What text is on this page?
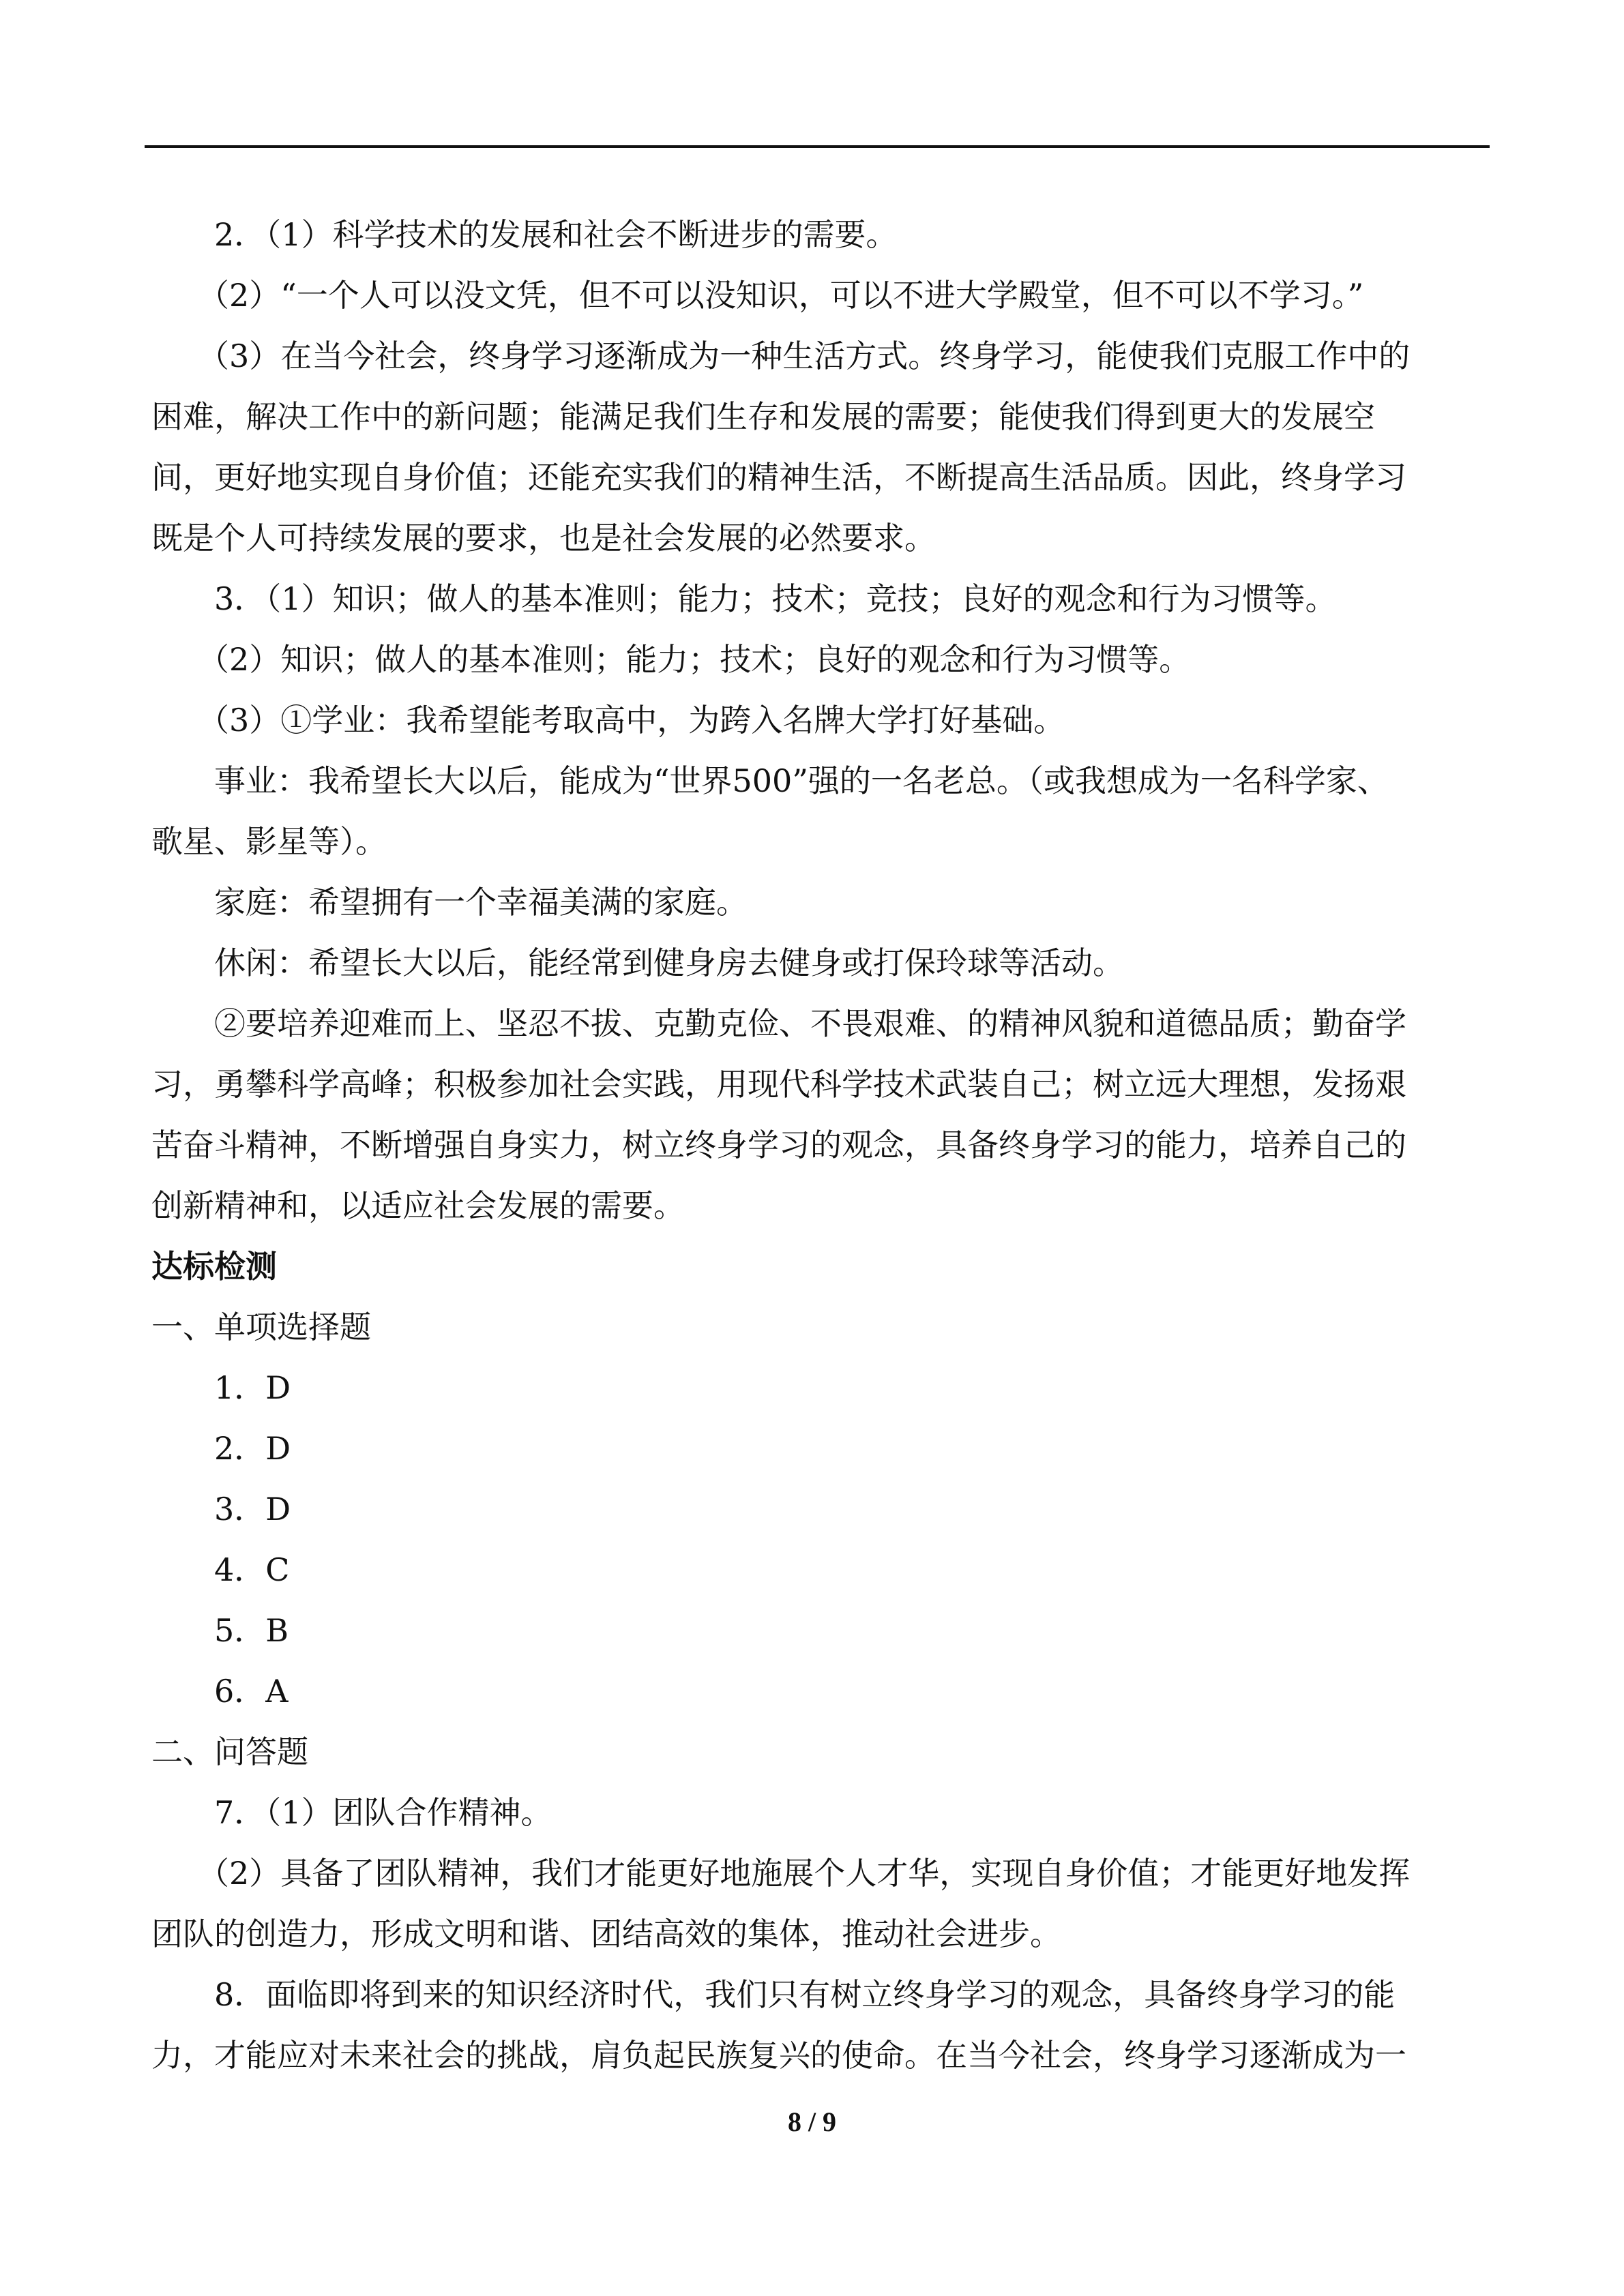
2．（1）科学技术的发展和社会不断进步的需要。
（2）“一个人可以没文凭，但不可以没知识，可以不进大学殿堂，但不可以不学习。”
（3）在当今社会，终身学习逐渐成为一种生活方式。终身学习，能使我们克服工作中的
困难，解决工作中的新问题；能满足我们生存和发展的需要；能使我们得到更大的发展空
间，更好地实现自身价值；还能充实我们的精神生活，不断提高生活品质。因此，终身学习
既是个人可持续发展的要求，也是社会发展的必然要求。
3．（1）知识；做人的基本准则；能力；技术；竞技；良好的观念和行为习惯等。
（2）知识；做人的基本准则；能力；技术；良好的观念和行为习惯等。
（3）①学业：我希望能考取高中，为跨入名牌大学打好基础。
事业：我希望长大以后，能成为“世界500”强的一名老总。（或我想成为一名科学家、
歌星、影星等）。
家庭：希望拥有一个幸福美满的家庭。
休闲：希望长大以后，能经常到健身房去健身或打保玲球等活动。
②要培养迎难而上、坚忍不拔、克勤克俭、不畏艰难、的精神风貌和道德品质；勤奋学
习，勇攀科学高峰；积极参加社会实践，用现代科学技术武装自己；树立远大理想，发扬艰
苦奋斗精神，不断增强自身实力，树立终身学习的观念，具备终身学习的能力，培养自己的
创新精神和，以适应社会发展的需要。
达标检测
一、单项选择题
1．D
2．D
3．D
4．C
5．B
6．A
二、问答题
7．（1）团队合作精神。
（2）具备了团队精神，我们才能更好地施展个人才华，实现自身价值；才能更好地发挥
团队的创造力，形成文明和谐、团结高效的集体，推动社会进步。
8．面临即将到来的知识经济时代，我们只有树立终身学习的观念，具备终身学习的能
力，才能应对未来社会的挑战，肩负起民族复兴的使命。在当今社会，终身学习逐渐成为一
8 / 9
